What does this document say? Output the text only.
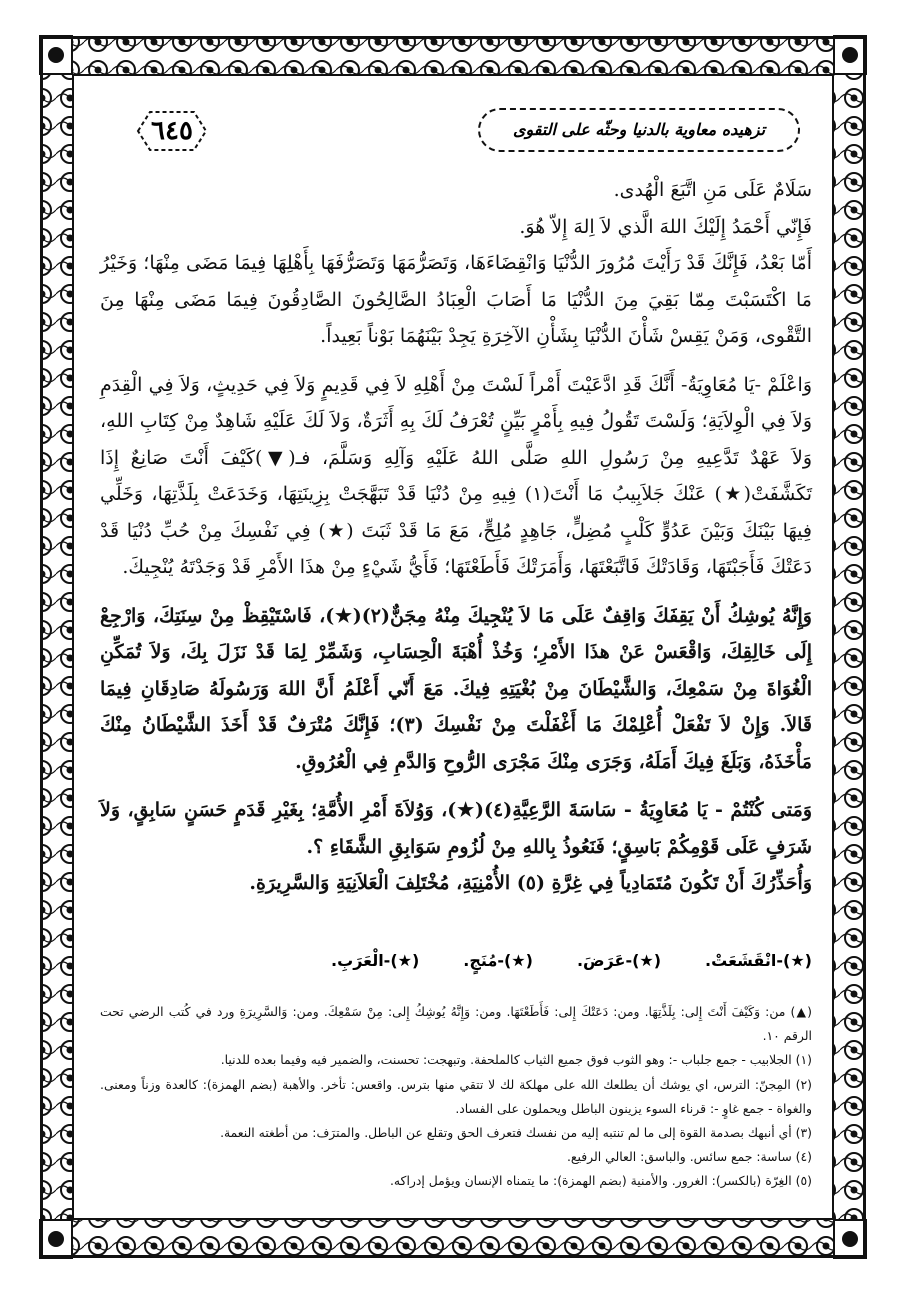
تزهيده معاوية بالدنيا وحثّه على التقوى
٦٤٥

سَلَامٌ عَلَى مَنِ اتَّبَعَ الْهُدى.

فَإِنّي أَحْمَدُ إِلَيْكَ اللهَ الَّذي لاَ اِلهَ إِلاّ هُوَ.

أَمّا بَعْدُ، فَإِنَّكَ قَدْ رَأَيْتَ مُرُورَ الدُّنْيَا وَانْقِضَاءَهَا، وَتَصَرُّمَهَا وَتَصَرُّفَهَا بِأَهْلِهَا فِيمَا مَضَى مِنْهَا؛ وَخَيْرُ مَا اكْتَسَبْتَ مِمّا بَقِيَ مِنَ الدُّنْيَا مَا أَصَابَ الْعِبَادُ الصَّالِحُونَ الصَّادِقُونَ فِيمَا مَضَى مِنْهَا مِنَ التَّقْوى، وَمَنْ يَقِسْ شَأْنَ الدُّنْيَا بِشَأْنِ الآخِرَةِ يَجِدْ بَيْنَهُمَا بَوْناً بَعِيداً.

وَاعْلَمْ -يَا مُعَاوِيَةُ- أَنَّكَ قَدِ ادَّعَيْتَ أَمْراً لَسْتَ مِنْ أَهْلِهِ لاَ فِي قَدِيمٍ وَلاَ فِي حَدِيثٍ، وَلاَ فِي الْقِدَمِ وَلاَ فِي الْوِلاَيَةِ؛ وَلَسْتَ تَقُولُ فِيهِ بِأَمْرٍ بَيِّنٍ تُعْرَفُ لَكَ بِهِ أَثَرَةٌ، وَلاَ لَكَ عَلَيْهِ شَاهِدٌ مِنْ كِتَابِ اللهِ، وَلاَ عَهْدٌ تَدَّعِيهِ مِنْ رَسُولِ اللهِ صَلَّى اللهُ عَلَيْهِ وَآلِهِ وَسَلَّمَ، فـ(▼)كَيْفَ أَنْتَ صَانِعٌ إِذَا تَكَشَّفَتْ(★) عَنْكَ جَلاَبِيبُ مَا أَنْتَ(١) فِيهِ مِنْ دُنْيَا قَدْ تَبَهَّجَتْ بِزِينَتِهَا، وَخَدَعَتْ بِلَذَّتِهَا، وَخَلِّي فِيهَا بَيْنَكَ وَبَيْنَ عَدُوٍّ كَلْبٍ مُضِلٍّ، جَاهِدٍ مُلِحٍّ، مَعَ مَا قَدْ ثَبَتَ (★) فِي نَفْسِكَ مِنْ حُبِّ دُنْيَا قَدْ دَعَتْكَ فَأَجَبْتَهَا، وَقَادَتْكَ فَاتَّبَعْتَهَا، وَأَمَرَتْكَ فَأَطَعْتَهَا؛ فَأَيُّ شَيْءٍ مِنْ هذَا الأَمْرِ قَدْ وَجَدْتَهُ يُنْجِيكَ.

وَإِنَّهُ يُوشِكُ أَنْ يَقِفَكَ وَاقِفٌ عَلَى مَا لاَ يُنْجِيكَ مِنْهُ مِجَنٌّ(٢)(★)، فَاسْتَيْقِظْ مِنْ سِنَتِكَ، وَارْجِعْ إِلَى خَالِقِكَ، وَاقْعَسْ عَنْ هذَا الأَمْرِ؛ وَخُذْ أُهْبَةَ الْحِسَابِ، وَشَمِّرْ لِمَا قَدْ نَزَلَ بِكَ، وَلاَ تُمَكِّنِ الْغُوَاةَ مِنْ سَمْعِكَ، وَالشَّيْطَانَ مِنْ بُغْيَتِهِ فِيكَ. مَعَ أَنّي أَعْلَمُ أَنَّ اللهَ وَرَسُولَهُ صَادِقَانِ فِيمَا قَالاَ. وَإِنْ لاَ تَفْعَلْ أُعْلِمْكَ مَا أَغْفَلْتَ مِنْ نَفْسِكَ (٣)؛ فَإِنَّكَ مُتْرَفٌ قَدْ أَخَذَ الشَّيْطَانُ مِنْكَ مَأْخَذَهُ، وَبَلَغَ فِيكَ أَمَلَهُ، وَجَرَى مِنْكَ مَجْرَى الرُّوحِ وَالدَّمِ فِي الْعُرُوقِ.

وَمَتى كُنْتُمْ - يَا مُعَاوِيَةُ - سَاسَةَ الرَّعِيَّةِ(٤)(★)، وَوُلاَةَ أَمْرِ الأُمَّةِ؛ بِغَيْرِ قَدَمٍ حَسَنٍ سَابِقٍ، وَلاَ شَرَفٍ عَلَى قَوْمِكُمْ بَاسِقٍ؛ فَنَعُوذُ بِاللهِ مِنْ لُزُومِ سَوَابِقِ الشَّقَاءِ ؟.

وَأُحَذِّرُكَ أَنْ تَكُونَ مُتَمَادِياً فِي غِرَّةِ (٥) الأُمْنِيَةِ، مُخْتَلِفَ الْعَلاَنِيَةِ وَالسَّرِيرَةِ.

(★)-انْقَشَعَتْ.
(★)-عَرَضَ.
(★)-مُنَجٍ.
(★)-الْعَرَبِ.

(▲) من: وَكَيْفَ أَنْتَ إِلى: بِلَذَّتِهَا. ومن: دَعَتْكَ إِلى: فَأَطَعْتَهَا. ومن: وَإِنَّهُ يُوشِكُ إِلى: مِنْ سَمْعِكَ. ومن: وَالسَّرِيرَةِ ورد في كُتب الرضي تحت الرقم ١٠.

(١) الجلابيب - جمع جلباب -: وهو الثوب فوق جميع الثياب كالملحفة. وتبهجت: تحسنت، والضمير فيه وفيما بعده للدنيا.

(٢) المِجنّ: الترس، اي يوشك أن يطلعك الله على مهلكة لك لا تتقي منها بترس. واقعس: تأخر. والأهبة (بضم الهمزة): كالعدة وزناً ومعنى. والغواة - جمع غاوٍ -: قرناء السوء يزينون الباطل ويحملون على الفساد.

(٣) أي أنبهك بصدمة القوة إلى ما لم تنتبه إليه من نفسك فتعرف الحق وتقلع عن الباطل. والمترَف: من أطغته النعمة.

(٤) ساسة: جمع سائس. والباسق: العالي الرفيع.

(٥) الغِرّة (بالكسر): الغرور. والأمنية (بضم الهمزة): ما يتمناه الإنسان ويؤمل إدراكه.
